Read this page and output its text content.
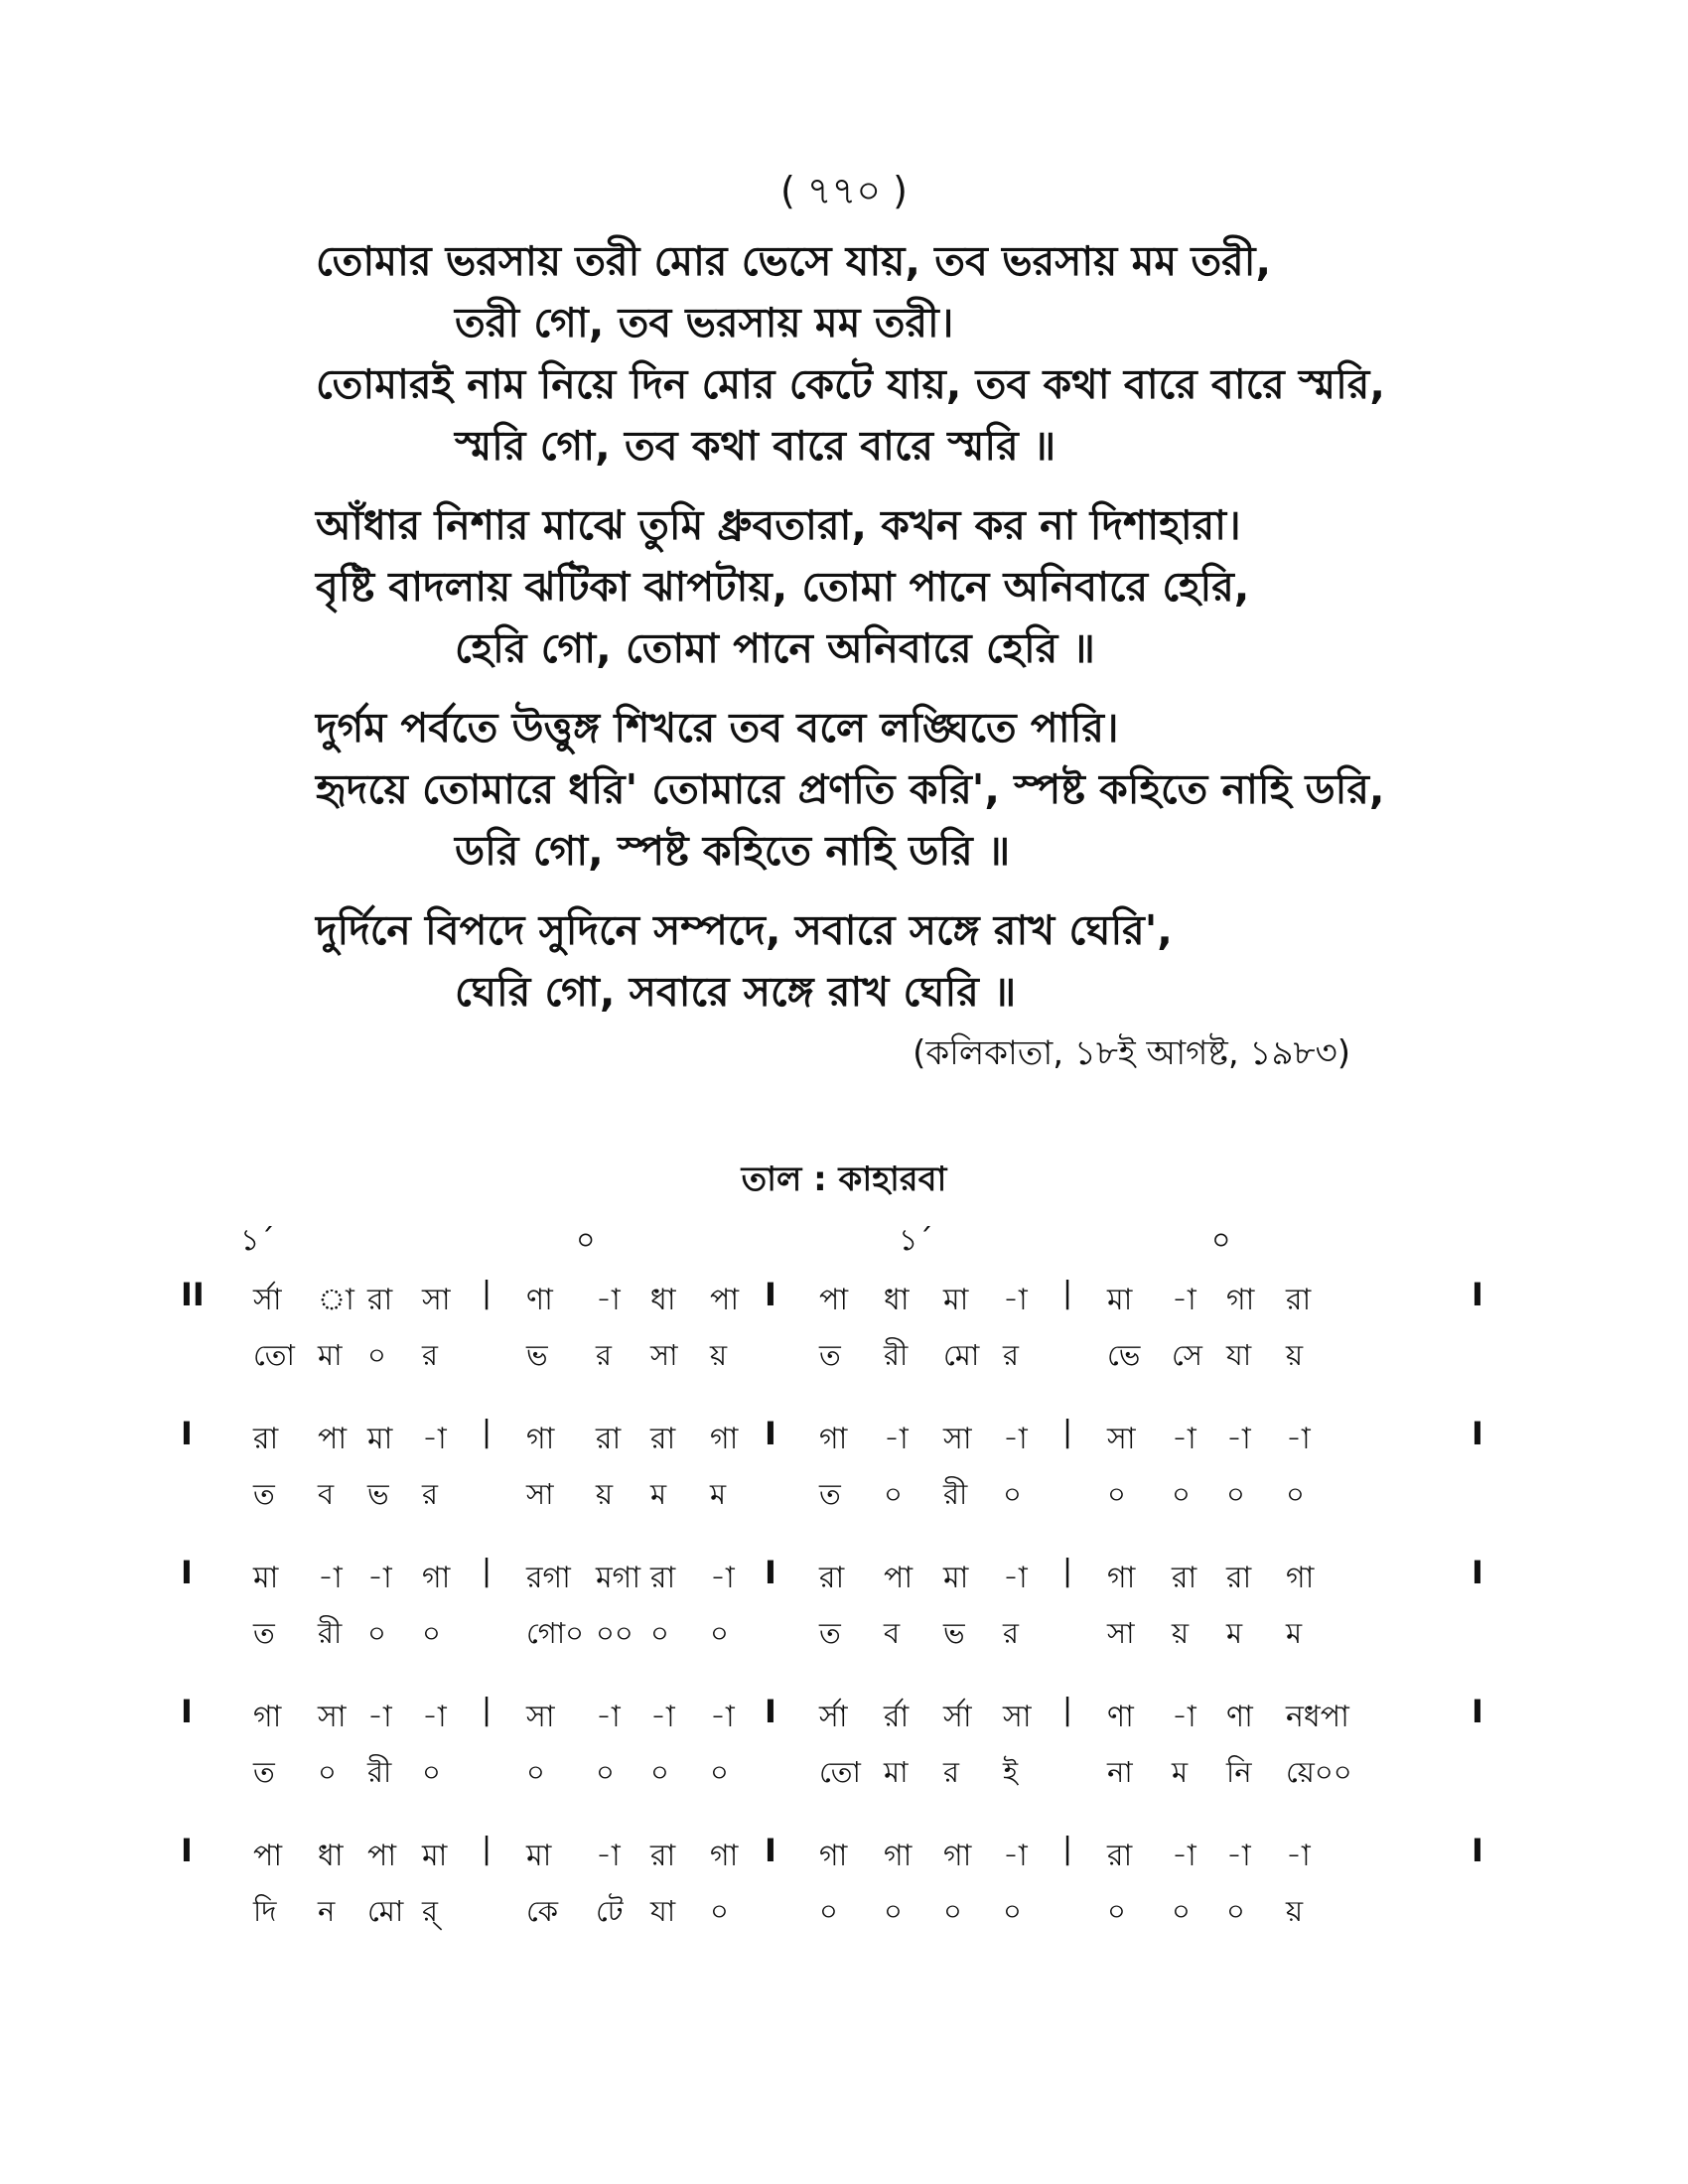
( ৭৭০ )
তোমার ভরসায় তরী মোর ভেসে যায়, তব ভরসায় মম তরী,
তরী গো, তব ভরসায় মম তরী।
তোমারই নাম নিয়ে দিন মোর কেটে যায়, তব কথা বারে বারে স্মরি,
স্মরি গো, তব কথা বারে বারে স্মরি ॥
আঁধার নিশার মাঝে তুমি ধ্রুবতারা, কখন কর না দিশাহারা।
বৃষ্টি বাদলায় ঝটিকা ঝাপটায়, তোমা পানে অনিবারে হেরি,
হেরি গো, তোমা পানে অনিবারে হেরি ॥
দুর্গম পর্বতে উত্তুঙ্গ শিখরে তব বলে লঙ্ঘিতে পারি।
হৃদয়ে তোমারে ধরি' তোমারে প্রণতি করি', স্পষ্ট কহিতে নাহি ডরি,
ডরি গো, স্পষ্ট কহিতে নাহি ডরি ॥
দুর্দিনে বিপদে সুদিনে সম্পদে, সবারে সঙ্গে রাখ ঘেরি',
ঘেরি গো, সবারে সঙ্গে রাখ ঘেরি ॥
(কলিকাতা, ১৮ই আগষ্ট, ১৯৮৩)
তাল : কাহারবা
১´	০	১´	০
II	|	I	|	I
র্সা া রা সা	ণা -া ধা পা	পা ধা মা -া	মা -া গা রা
তো মা ০ র	ভ র সা য়	ত রী মো র	ভে সে যা য়
I	|	I	|	I
রা পা মা -া	গা রা রা গা	গা -া সা -া	সা -া -া -া
ত ব ভ র	সা য় ম ম	ত ০ রী ০	০ ০ ০ ০
I	|	I	|	I
মা -া -া গা	রগা মগা রা -া	রা পা মা -া	গা রা রা গা
ত রী ০ ০	গো০ ০০ ০ ০	ত ব ভ র	সা য় ম ম
I	|	I	|	I
গা সা -া -া	সা -া -া -া	র্সা র্রা র্সা সা	ণা -া ণা নধপা
ত ০ রী ০	০ ০ ০ ০	তো মা র ই	না ম নি য়ে০০
I	|	I	|	I
পা ধা পা মা	মা -া রা গা	গা গা গা -া	রা -া -া -া
দি ন মো র্	কে টে যা ০	০ ০ ০ ০	০ ০ ০ য়
